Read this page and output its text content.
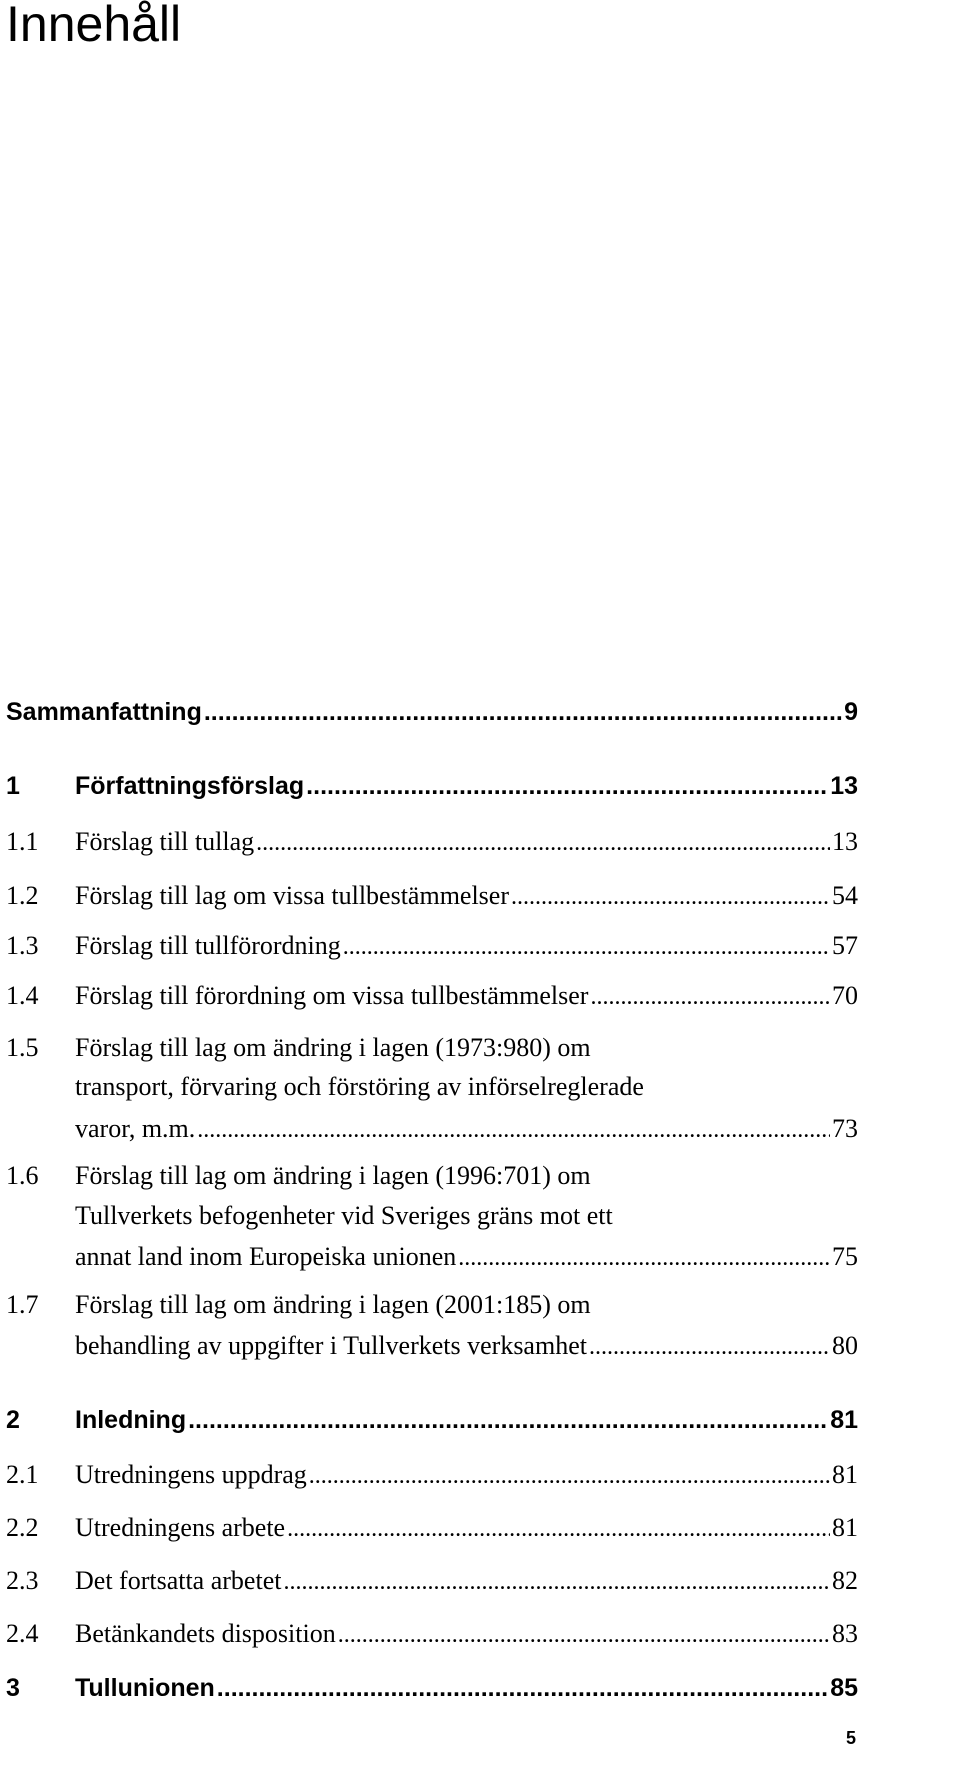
Innehåll
Sammanfattning .....	9
1 Författningsförslag .....	13
1.1 Förslag till tullag .....	13
1.2 Förslag till lag om vissa tullbestämmelser .....	54
1.3 Förslag till tullförordning .....	57
1.4 Förslag till förordning om vissa tullbestämmelser .....	70
1.5 Förslag till lag om ändring i lagen (1973:980) om
transport, förvaring och förstöring av införselreglerade
varor, m.m. .....	73
1.6 Förslag till lag om ändring i lagen (1996:701) om
Tullverkets befogenheter vid Sveriges gräns mot ett
annat land inom Europeiska unionen .....	75
1.7 Förslag till lag om ändring i lagen (2001:185) om
behandling av uppgifter i Tullverkets verksamhet .....	80
2 Inledning .....	81
2.1 Utredningens uppdrag .....	81
2.2 Utredningens arbete .....	81
2.3 Det fortsatta arbetet .....	82
2.4 Betänkandets disposition .....	83
3 Tullunionen .....	85
5
